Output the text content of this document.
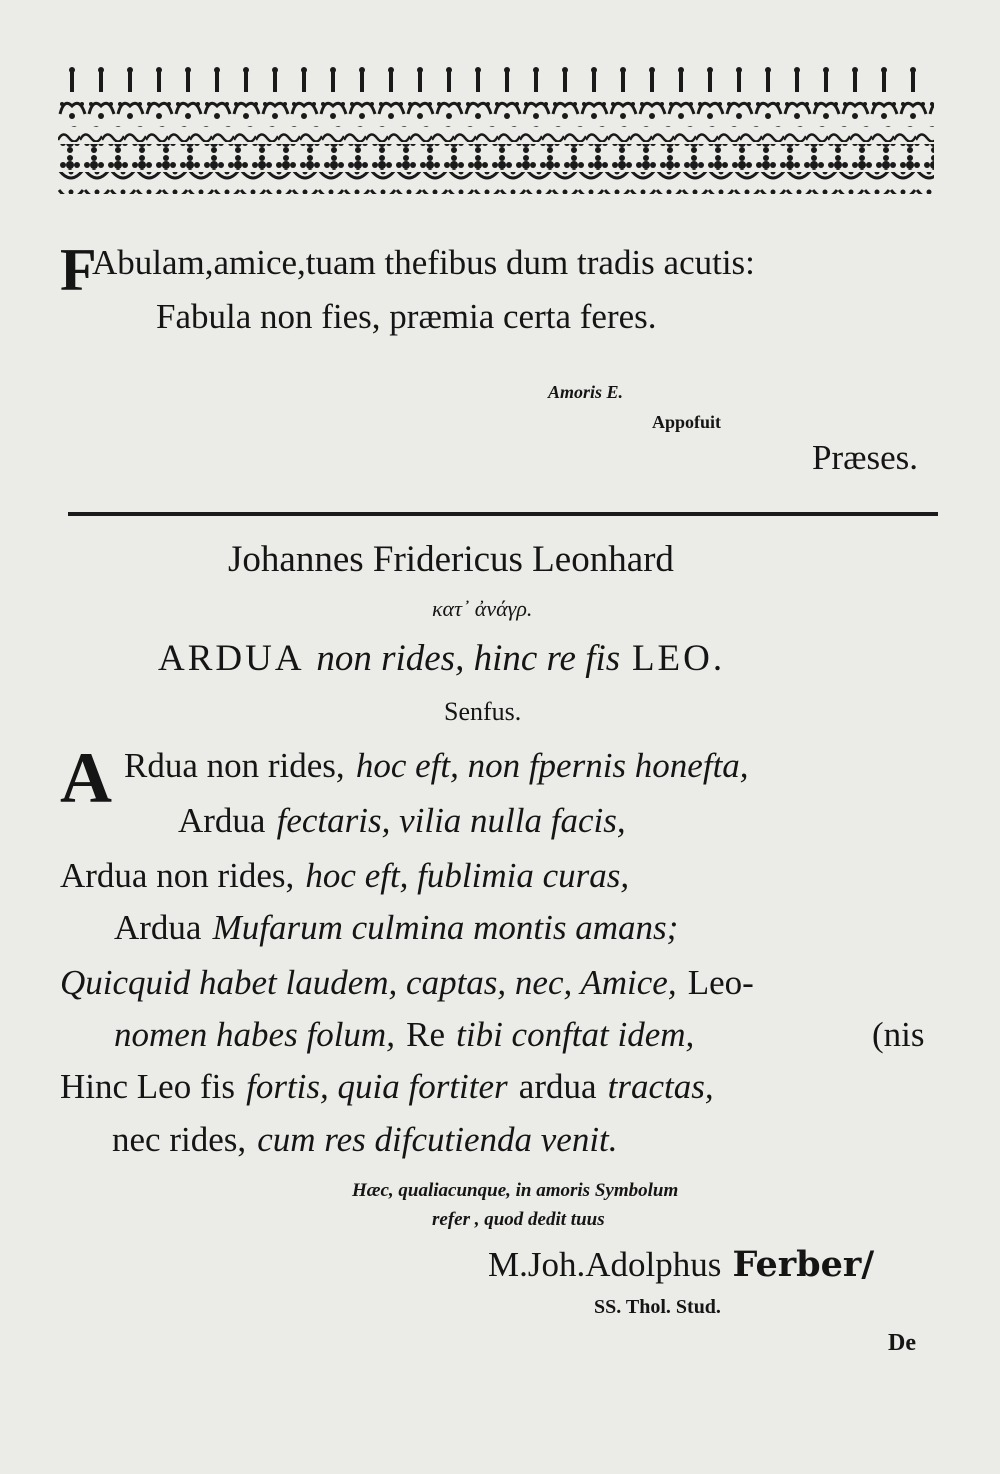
F
Abulam,amice,tuam thefibus dum tradis acutis:
Fabula non fies, præmia certa feres.
Amoris E.
Appofuit
Præses.
Johannes Fridericus Leonhard
κατ᾽ ἀνάγρ.
ARDUA non rides, hinc re fis LEO.
Senfus.
A Rdua non rides, hoc eft, non fpernis honefta,
Ardua fectaris, vilia nulla facis,
Ardua non rides, hoc eft, fublimia curas,
Ardua Mufarum culmina montis amans;
Quicquid habet laudem, captas, nec, Amice, Leo-
nomen habes folum, Re tibi conftat idem,	(nis
Hinc Leo fis fortis, quia fortiter ardua tractas,
nec rides, cum res difcutienda venit.
Hæc, qualiacunque, in amoris Symbolum
refer , quod dedit tuus
M.Joh.Adolphus Ferber/
SS. Thol. Stud.
De
